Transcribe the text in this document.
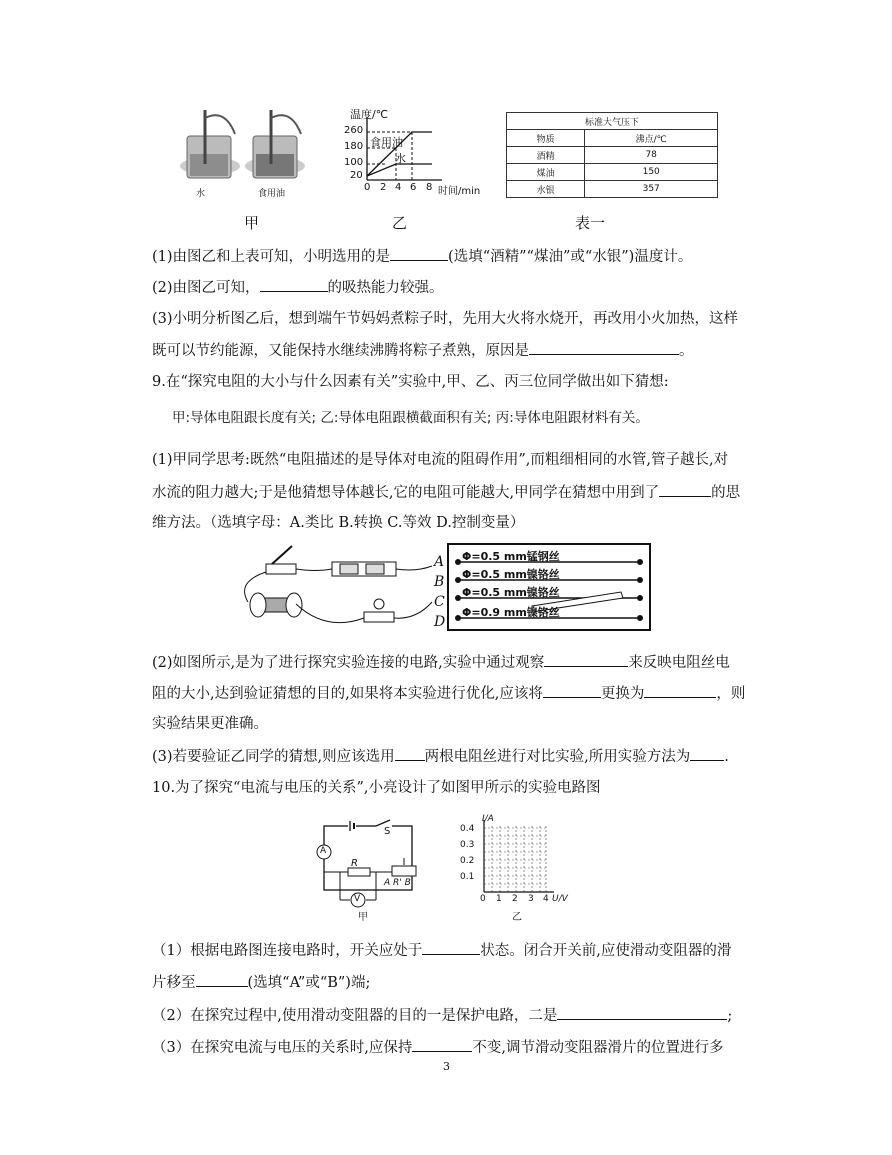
水	食用油
温度/℃
260
180
100
20
0 2 4 6 8 时间/min
食用油
水
标准大气压下	
物质	沸点/℃
酒精	78
煤油	150
水银	357
甲	乙	表一
(1)由图乙和上表可知，小明选用的是	(选填“酒精”“煤油”或“水银”)温度计。
(2)由图乙可知，	的吸热能力较强。
(3)小明分析图乙后，想到端午节妈妈煮粽子时，先用大火将水烧开，再改用小火加热，这样
既可以节约能源，又能保持水继续沸腾将粽子煮熟，原因是	。
9.在“探究电阻的大小与什么因素有关”实验中,甲、乙、丙三位同学做出如下猜想:
甲:导体电阻跟长度有关; 乙:导体电阻跟横截面积有关; 丙:导体电阻跟材料有关。
(1)甲同学思考:既然“电阻描述的是导体对电流的阻碍作用”,而粗细相同的水管,管子越长,对
水流的阻力越大;于是他猜想导体越长,它的电阻可能越大,甲同学在猜想中用到了	的思
维方法。（选填字母：A.类比 B.转换 C.等效 D.控制变量）
A
B
C
D
Φ=0.5 mm锰钢丝
Φ=0.5 mm镍铬丝
Φ=0.5 mm镍铬丝
Φ=0.9 mm镍铬丝
(2)如图所示,是为了进行探究实验连接的电路,实验中通过观察	来反映电阻丝电
阻的大小,达到验证猜想的目的,如果将本实验进行优化,应该将	更换为	，则
实验结果更准确。
(3)若要验证乙同学的猜想,则应该选用 两根电阻丝进行对比实验,所用实验方法为 .
10.为了探究“电流与电压的关系”,小亮设计了如图甲所示的实验电路图
S
R
A
V
A R' B
甲
I/A
0.4
0.3
0.2
0.1
0 1 2 3 4 U/V
乙
（1）根据电路图连接电路时，开关应处于	状态。闭合开关前,应使滑动变阻器的滑
片移至	(选填“A”或“B”)端;
（2）在探究过程中,使用滑动变阻器的目的一是保护电路，二是	;
（3）在探究电流与电压的关系时,应保持	不变,调节滑动变阻器滑片的位置进行多
3
